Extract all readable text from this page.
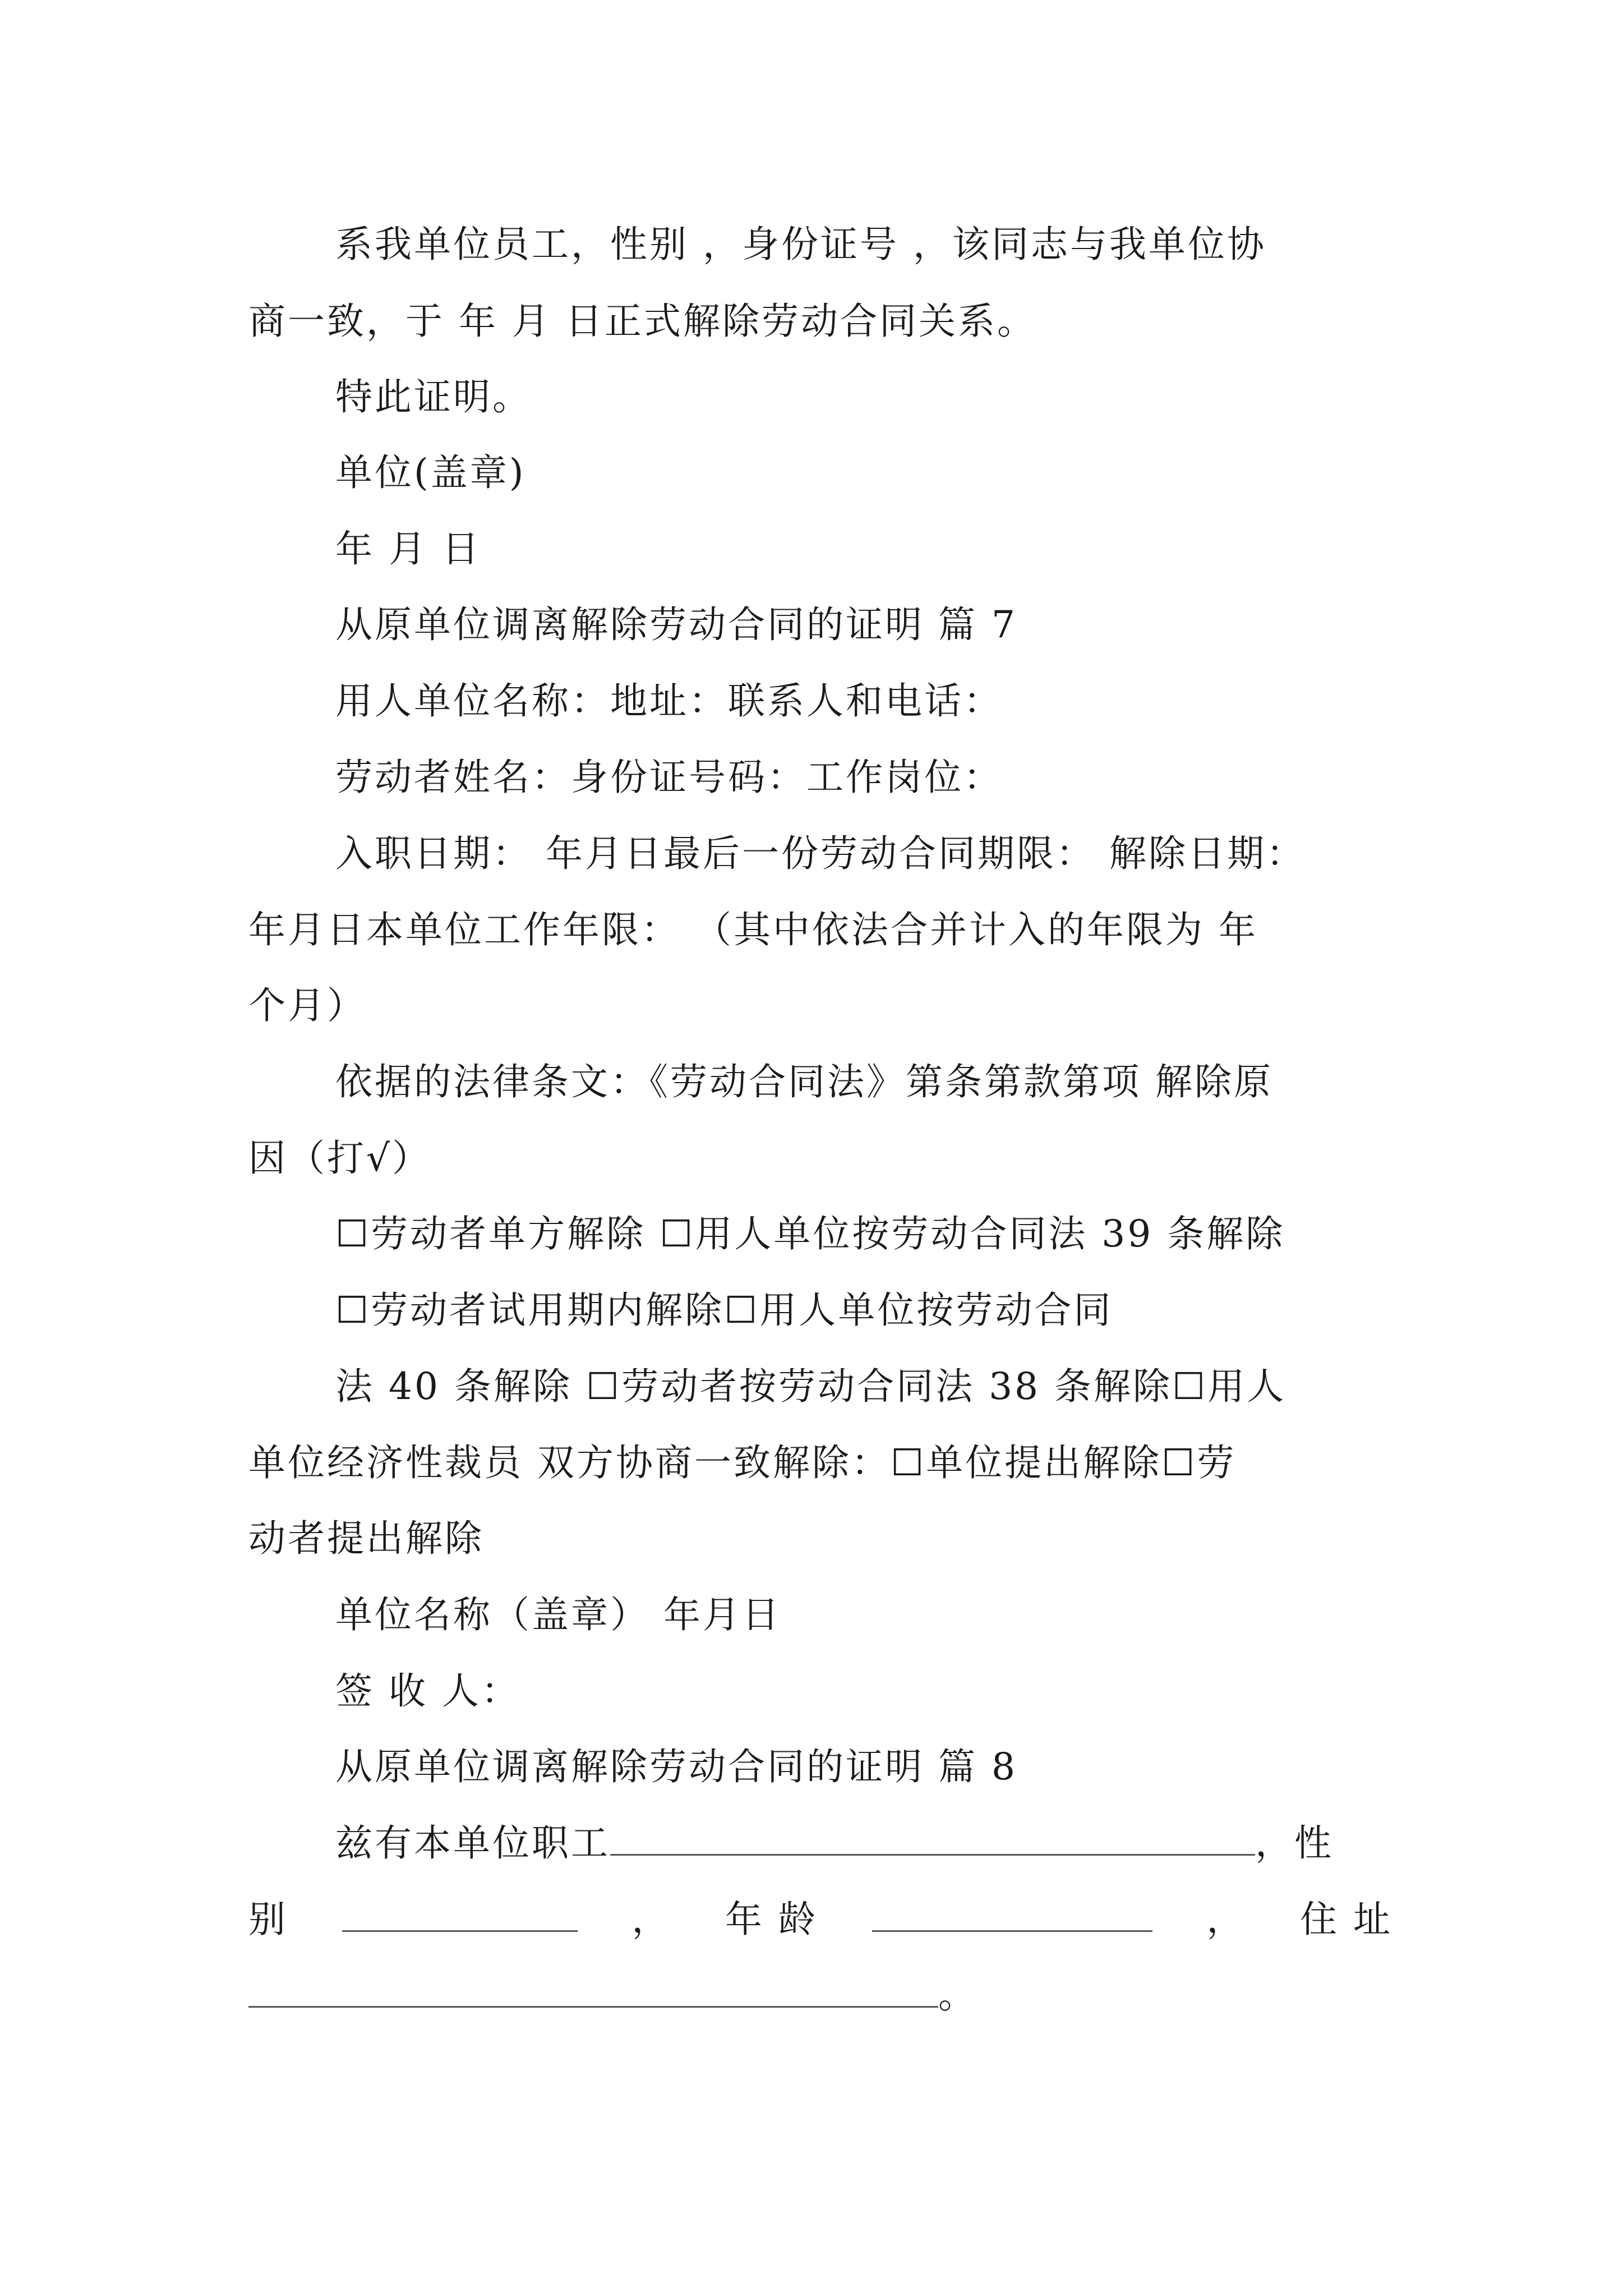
系我单位员工，性别 ，身份证号 ，该同志与我单位协
商一致，于 年 月 日正式解除劳动合同关系。
特此证明。
单位(盖章)
年 月 日
从原单位调离解除劳动合同的证明 篇 7
用人单位名称：地址：联系人和电话：
劳动者姓名：身份证号码：工作岗位：
入职日期： 年月日最后一份劳动合同期限： 解除日期：
年月日本单位工作年限： （其中依法合并计入的年限为 年
个月）
依据的法律条文：《劳动合同法》第条第款第项 解除原
因（打√）
☐劳动者单方解除 ☐用人单位按劳动合同法 39 条解除
☐劳动者试用期内解除☐用人单位按劳动合同
法 40 条解除 ☐劳动者按劳动合同法 38 条解除☐用人
单位经济性裁员 双方协商一致解除：☐单位提出解除☐劳
动者提出解除
单位名称（盖章） 年月日
签 收 人：
从原单位调离解除劳动合同的证明 篇 8
兹有本单位职工	，性
别	， 年 龄	， 住 址
。
